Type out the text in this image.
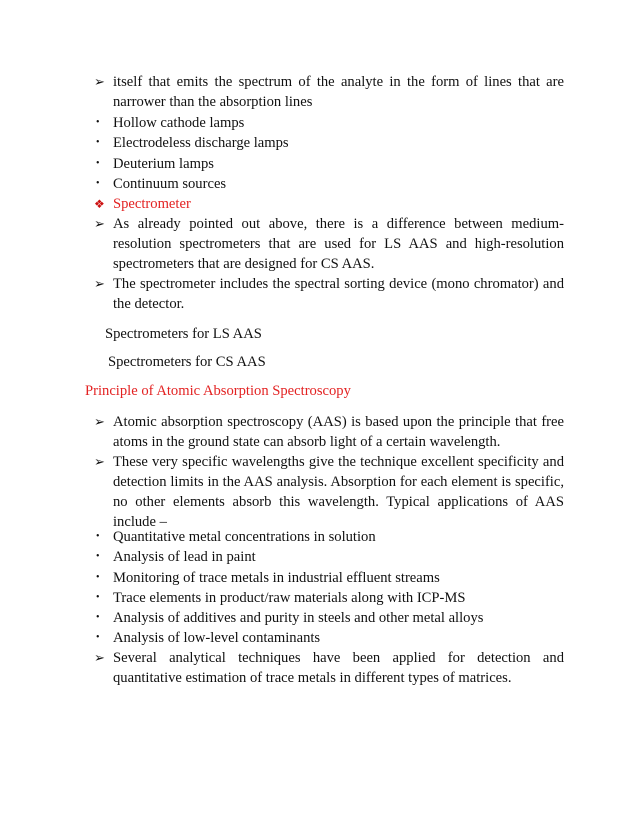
➢ itself that emits the spectrum of the analyte in the form of lines that are narrower than the absorption lines
• Hollow cathode lamps
• Electrodeless discharge lamps
• Deuterium lamps
• Continuum sources
❖ Spectrometer
➢ As already pointed out above, there is a difference between medium-resolution spectrometers that are used for LS AAS and high-resolution spectrometers that are designed for CS AAS.
➢ The spectrometer includes the spectral sorting device (mono chromator) and the detector.
Spectrometers for LS AAS
Spectrometers for CS AAS
Principle of Atomic Absorption Spectroscopy
➢ Atomic absorption spectroscopy (AAS) is based upon the principle that free atoms in the ground state can absorb light of a certain wavelength.
➢ These very specific wavelengths give the technique excellent specificity and detection limits in the AAS analysis. Absorption for each element is specific, no other elements absorb this wavelength. Typical applications of AAS include –
• Quantitative metal concentrations in solution
• Analysis of lead in paint
• Monitoring of trace metals in industrial effluent streams
• Trace elements in product/raw materials along with ICP-MS
• Analysis of additives and purity in steels and other metal alloys
• Analysis of low-level contaminants
➢ Several analytical techniques have been applied for detection and quantitative estimation of trace metals in different types of matrices.
